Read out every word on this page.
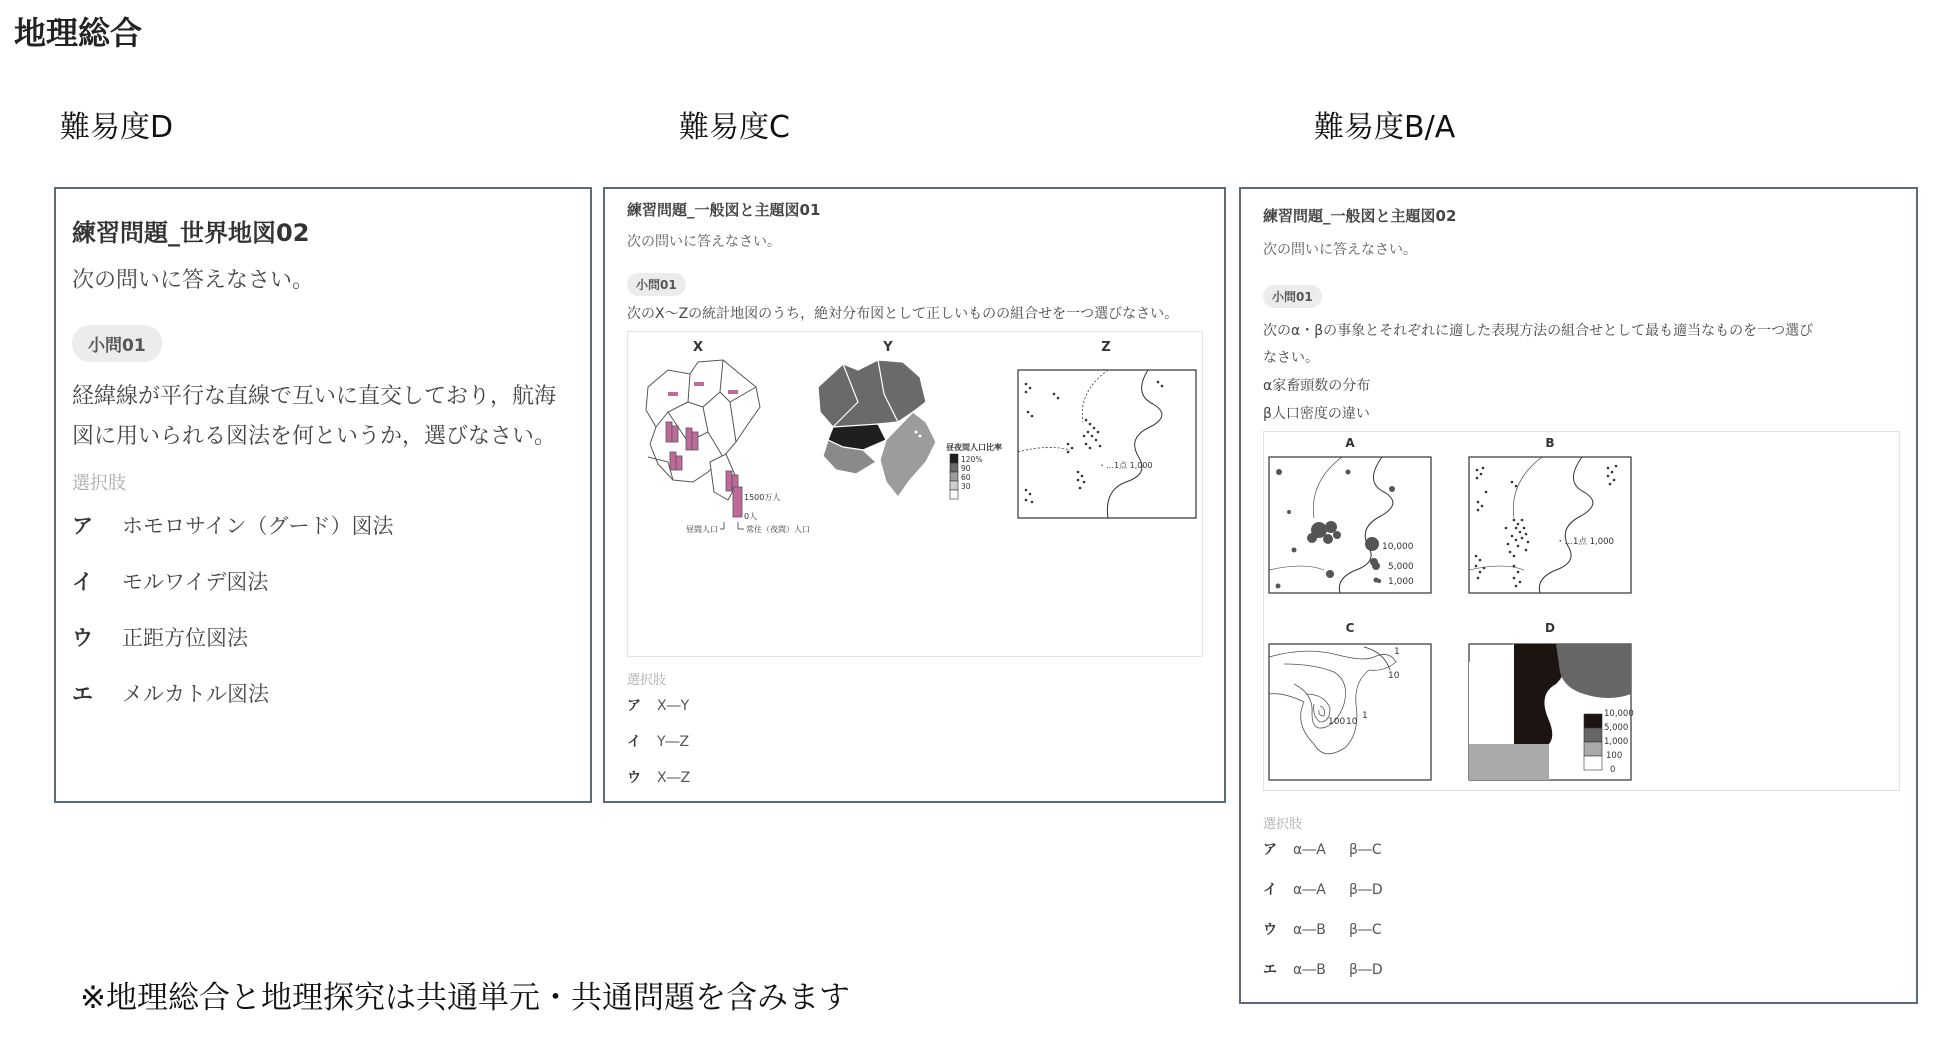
地理総合
難易度D	難易度C	難易度B/A
練習問題_世界地図02
次の問いに答えなさい。
小問01
経緯線が平行な直線で互いに直交しており，航海図に用いられる図法を何というか，選びなさい。
選択肢
ア ホモロサイン（グード）図法
イ モルワイデ図法
ウ 正距方位図法
エ メルカトル図法
練習問題_一般図と主題図01
次の問いに答えなさい。
小問01
次のX〜Zの統計地図のうち，絶対分布図として正しいものの組合せを一つ選びなさい。
X
1500万人
0人
昼間人口	常住（夜間）人口
Y
昼夜間人口比率
120%
90
60
30
Z
・…1点 1,000
選択肢
ア X―Y
イ Y―Z
ウ X―Z
練習問題_一般図と主題図02
次の問いに答えなさい。
小問01
次のα・βの事象とそれぞれに適した表現方法の組合せとして最も適当なものを一つ選び
なさい。
α家畜頭数の分布
β人口密度の違い
A
10,000
5,000
1,000
B
・…1点 1,000
C
1
10
100 10
1
D
10,000
5,000
1,000
100
0
選択肢
ア α―A β―C
イ α―A β―D
ウ α―B β―C
エ α―B β―D
※地理総合と地理探究は共通単元・共通問題を含みます
